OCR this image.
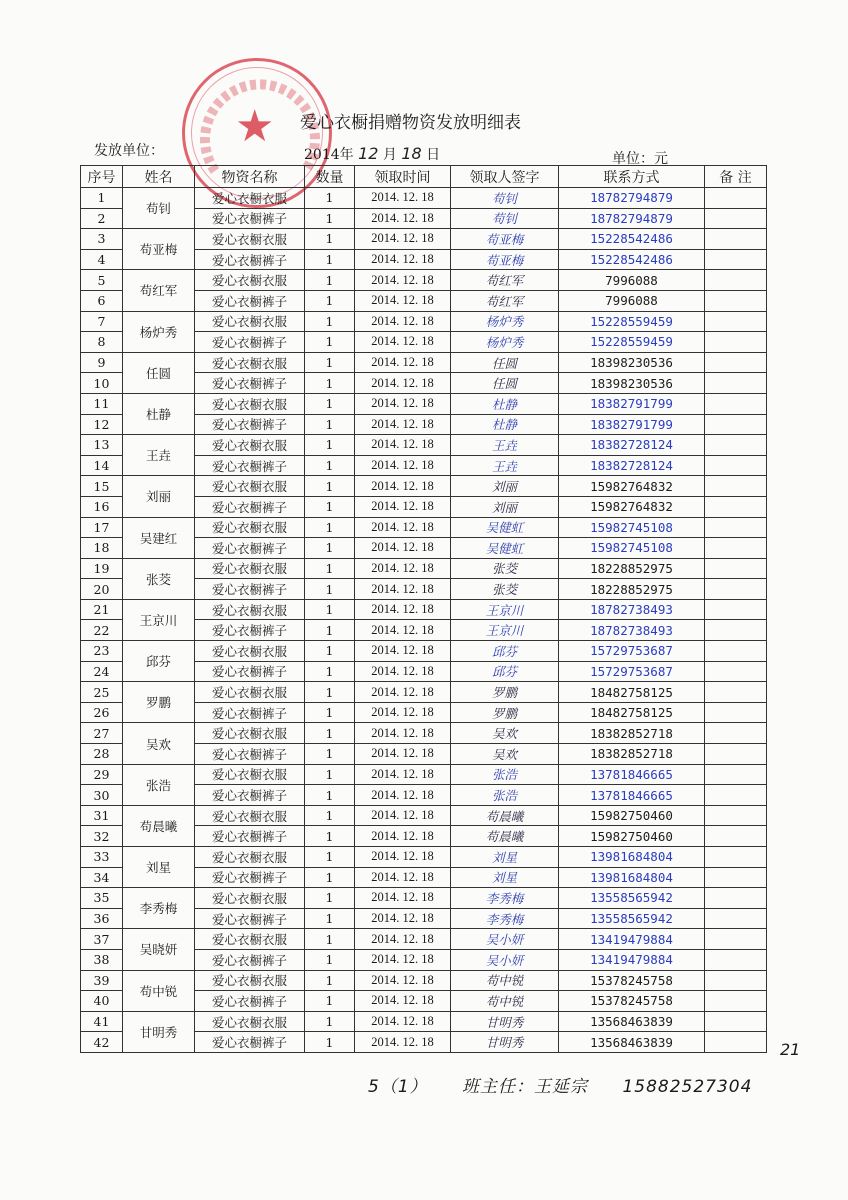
★ 爱心衣橱捐赠物资发放明细表
发放单位：	2014年 12 月 18 日	单位：元
序号	姓名	物资名称	数量	领取时间	领取人签字	联系方式	备 注
1	苟钊	爱心衣橱衣服	1	2014. 12. 18	苟钊	18782794879	
2		爱心衣橱裤子	1	2014. 12. 18	苟钊	18782794879	
3	苟亚梅	爱心衣橱衣服	1	2014. 12. 18	苟亚梅	15228542486	
4		爱心衣橱裤子	1	2014. 12. 18	苟亚梅	15228542486	
5	苟红军	爱心衣橱衣服	1	2014. 12. 18	苟红军	7996088	
6		爱心衣橱裤子	1	2014. 12. 18	苟红军	7996088	
7	杨炉秀	爱心衣橱衣服	1	2014. 12. 18	杨炉秀	15228559459	
8		爱心衣橱裤子	1	2014. 12. 18	杨炉秀	15228559459	
9	任圆	爱心衣橱衣服	1	2014. 12. 18	任圆	18398230536	
10		爱心衣橱裤子	1	2014. 12. 18	任圆	18398230536	
11	杜静	爱心衣橱衣服	1	2014. 12. 18	杜静	18382791799	
12		爱心衣橱裤子	1	2014. 12. 18	杜静	18382791799	
13	王垚	爱心衣橱衣服	1	2014. 12. 18	王垚	18382728124	
14		爱心衣橱裤子	1	2014. 12. 18	王垚	18382728124	
15	刘丽	爱心衣橱衣服	1	2014. 12. 18	刘丽	15982764832	
16		爱心衣橱裤子	1	2014. 12. 18	刘丽	15982764832	
17	吴建红	爱心衣橱衣服	1	2014. 12. 18	吴健虹	15982745108	
18		爱心衣橱裤子	1	2014. 12. 18	吴健虹	15982745108	
19	张茭	爱心衣橱衣服	1	2014. 12. 18	张茭	18228852975	
20		爱心衣橱裤子	1	2014. 12. 18	张茭	18228852975	
21	王京川	爱心衣橱衣服	1	2014. 12. 18	王京川	18782738493	
22		爱心衣橱裤子	1	2014. 12. 18	王京川	18782738493	
23	邱芬	爱心衣橱衣服	1	2014. 12. 18	邱芬	15729753687	
24		爱心衣橱裤子	1	2014. 12. 18	邱芬	15729753687	
25	罗鹏	爱心衣橱衣服	1	2014. 12. 18	罗鹏	18482758125	
26		爱心衣橱裤子	1	2014. 12. 18	罗鹏	18482758125	
27	吴欢	爱心衣橱衣服	1	2014. 12. 18	吴欢	18382852718	
28		爱心衣橱裤子	1	2014. 12. 18	吴欢	18382852718	
29	张浩	爱心衣橱衣服	1	2014. 12. 18	张浩	13781846665	
30		爱心衣橱裤子	1	2014. 12. 18	张浩	13781846665	
31	苟晨曦	爱心衣橱衣服	1	2014. 12. 18	苟晨曦	15982750460	
32		爱心衣橱裤子	1	2014. 12. 18	苟晨曦	15982750460	
33	刘星	爱心衣橱衣服	1	2014. 12. 18	刘星	13981684804	
34		爱心衣橱裤子	1	2014. 12. 18	刘星	13981684804	
35	李秀梅	爱心衣橱衣服	1	2014. 12. 18	李秀梅	13558565942	
36		爱心衣橱裤子	1	2014. 12. 18	李秀梅	13558565942	
37	吴晓妍	爱心衣橱衣服	1	2014. 12. 18	吴小妍	13419479884	
38		爱心衣橱裤子	1	2014. 12. 18	吴小妍	13419479884	
39	苟中锐	爱心衣橱衣服	1	2014. 12. 18	苟中锐	15378245758	
40		爱心衣橱裤子	1	2014. 12. 18	苟中锐	15378245758	
41	甘明秀	爱心衣橱衣服	1	2014. 12. 18	甘明秀	13568463839	
42		爱心衣橱裤子	1	2014. 12. 18	甘明秀	13568463839		21
5（1） 班主任：王延宗 15882527304
